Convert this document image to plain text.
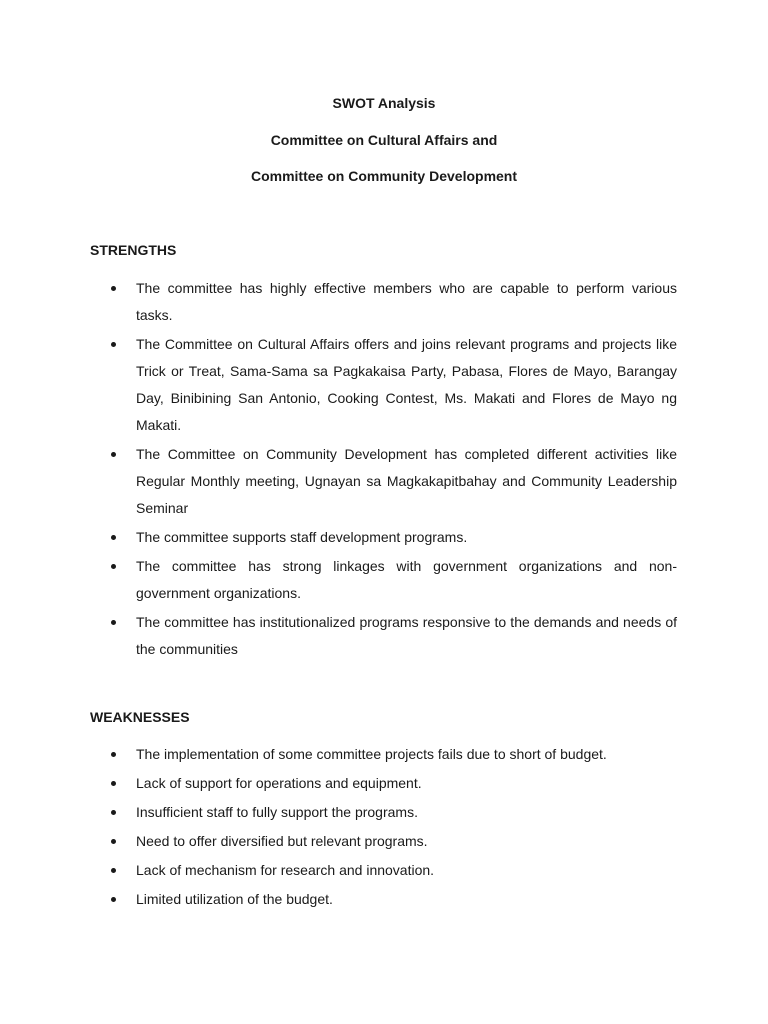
SWOT Analysis
Committee on Cultural Affairs and
Committee on Community Development
STRENGTHS
The committee has highly effective members who are capable to perform various tasks.
The Committee on Cultural Affairs offers and joins relevant programs and projects like Trick or Treat, Sama-Sama sa Pagkakaisa Party, Pabasa, Flores de Mayo, Barangay Day, Binibining San Antonio, Cooking Contest, Ms. Makati and Flores de Mayo ng Makati.
The Committee on Community Development has completed different activities like Regular Monthly meeting, Ugnayan sa Magkakapitbahay and Community Leadership Seminar
The committee supports staff development programs.
The committee has strong linkages with government organizations and non-government organizations.
The committee has institutionalized programs responsive to the demands and needs of the communities
WEAKNESSES
The implementation of some committee projects fails due to short of budget.
Lack of support for operations and equipment.
Insufficient staff to fully support the programs.
Need to offer diversified but relevant programs.
Lack of mechanism for research and innovation.
Limited utilization of the budget.
